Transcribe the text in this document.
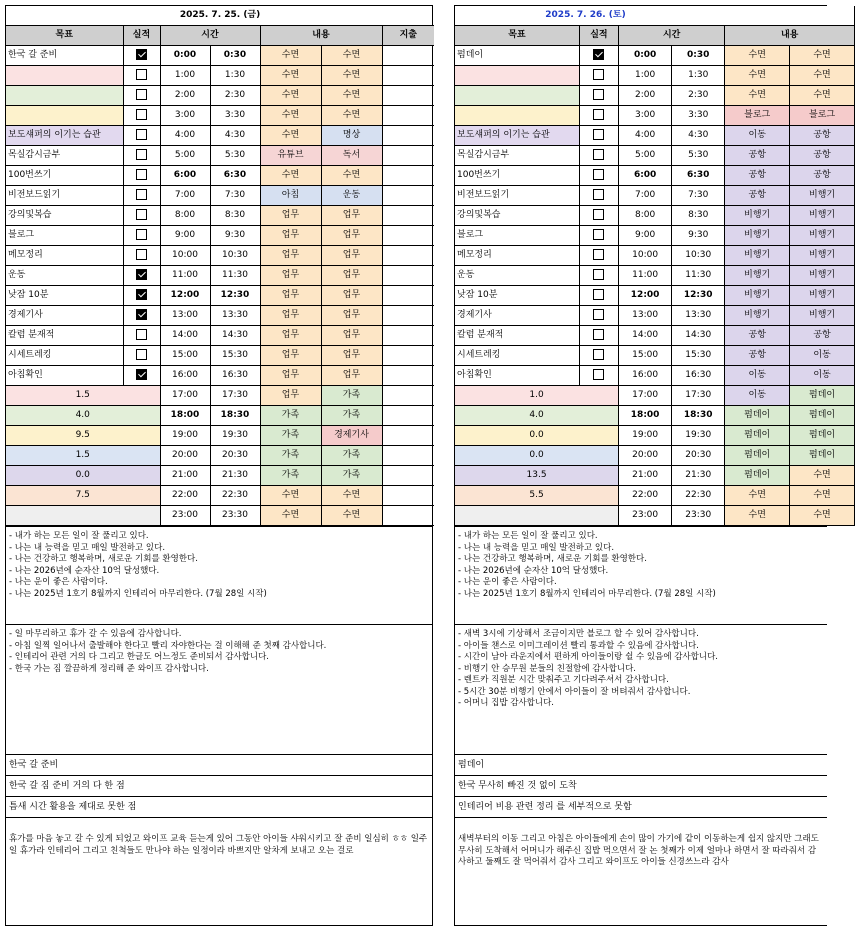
2025. 7. 25. (금)						
목표	실적	시간		내용		지출
한국 갈 준비		0:00	0:30	수면	수면	
		1:00	1:30	수면	수면	
		2:00	2:30	수면	수면	
		3:00	3:30	수면	수면	
보도섀퍼의 이기는 습관		4:00	4:30	수면	명상	
목실감시금부		5:00	5:30	유튜브	독서	
100번쓰기		6:00	6:30	수면	수면	
비전보드읽기		7:00	7:30	아침	운동	
강의및복습		8:00	8:30	업무	업무	
블로그		9:00	9:30	업무	업무	
메모정리		10:00	10:30	업무	업무	
운동		11:00	11:30	업무	업무	
낮잠 10분		12:00	12:30	업무	업무	
경제기사		13:00	13:30	업무	업무	
칼럼 분재적		14:00	14:30	업무	업무	
시세트레킹		15:00	15:30	업무	업무	
아침확인		16:00	16:30	업무	업무	
1.5		17:00	17:30	업무	가족	
4.0		18:00	18:30	가족	가족	
9.5		19:00	19:30	가족	경제기사	
1.5		20:00	20:30	가족	가족	
0.0		21:00	21:30	가족	가족	
7.5		22:00	22:30	수면	수면	
		23:00	23:30	수면	수면	
- 내가 하는 모든 일이 잘 풀리고 있다.
- 나는 내 능력을 믿고 매일 발전하고 있다.
- 나는 건강하고 행복하며, 새로운 기회를 환영한다.
- 나는 2026년에 순자산 10억 달성했다.
- 나는 운이 좋은 사람이다.
- 나는 2025년 1호기 8월까지 인테리어 마무리한다. (7월 28일 시작)
- 일 마무리하고 휴가 갈 수 있음에 감사합니다.
- 아침 일찍 일어나서 출발해야 한다고 빨리 자야한다는 걸 이해해 준 첫째 감사합니다.
- 인테리어 관련 거의 다 그리고 한글도 어느정도 준비되서 감사합니다.
- 한국 가는 짐 깔끔하게 정리해 준 와이프 감사합니다.
한국 갈 준비
한국 갈 짐 준비 거의 다 한 점
틈새 시간 활용을 제대로 못한 점
휴가를 마음 놓고 갈 수 있게 되었고 와이프 교육 듣는게 있어 그동안 아이들 샤워시키고 잘 준비 일심히 ㅎㅎ 일주일 휴가라 인테리어 그리고 친척들도 만나야 하는 일정이라 바쁘지만 알차게 보내고 오는 걸로
2025. 7. 26. (토)					
목표	실적	시간		내용	
펌데이		0:00	0:30	수면	수면
		1:00	1:30	수면	수면
		2:00	2:30	수면	수면
		3:00	3:30	블로그	블로그
보도섀퍼의 이기는 습관		4:00	4:30	이동	공항
목실감시금부		5:00	5:30	공항	공항
100번쓰기		6:00	6:30	공항	공항
비전보드읽기		7:00	7:30	공항	비행기
강의및복습		8:00	8:30	비행기	비행기
블로그		9:00	9:30	비행기	비행기
메모정리		10:00	10:30	비행기	비행기
운동		11:00	11:30	비행기	비행기
낮잠 10분		12:00	12:30	비행기	비행기
경제기사		13:00	13:30	비행기	비행기
칼럼 분재적		14:00	14:30	공항	공항
시세트레킹		15:00	15:30	공항	이동
아침확인		16:00	16:30	이동	이동
1.0		17:00	17:30	이동	펌데이
4.0		18:00	18:30	펌데이	펌데이
0.0		19:00	19:30	펌데이	펌데이
0.0		20:00	20:30	펌데이	펌데이
13.5		21:00	21:30	펌데이	수면
5.5		22:00	22:30	수면	수면
		23:00	23:30	수면	수면
- 내가 하는 모든 일이 잘 풀리고 있다.
- 나는 내 능력을 믿고 매일 발전하고 있다.
- 나는 건강하고 행복하며, 새로운 기회를 환영한다.
- 나는 2026년에 순자산 10억 달성했다.
- 나는 운이 좋은 사람이다.
- 나는 2025년 1호기 8월까지 인테리어 마무리한다. (7월 28일 시작)
- 새벽 3시에 기상해서 조금이지만 블로그 할 수 있어 감사합니다.
- 아이들 챈스로 이미그레이션 빨리 통과할 수 있음에 감사합니다.
- 시간이 남아 라운지에서 편하게 아이들이랑 쉴 수 있음에 감사합니다.
- 비행기 안 승무원 분들의 친절함에 감사합니다.
- 렌트카 직원분 시간 맞춰주고 기다려주셔서 감사합니다.
- 5시간 30분 비행기 안에서 아이들이 잘 버텨줘서 감사합니다.
- 어머니 집밥 감사합니다.
펌데이
한국 무사히 빠진 것 없이 도착
인테리어 비용 관련 정리 를 세부적으로 못함
새벽부터의 이동 그리고 아침은 아이들에게 손이 많이 가기에 같이 이동하는게 쉽지 않지만 그래도 무사히 도착해서 어머니가 해주신 집밥 먹으면서 잘 논 첫째가 이제 얼마나 하면서 잘 따라줘서 감사하고 둘째도 잘 먹어줘서 감사 그리고 와이프도 아이들 신경쓰느라 감사
